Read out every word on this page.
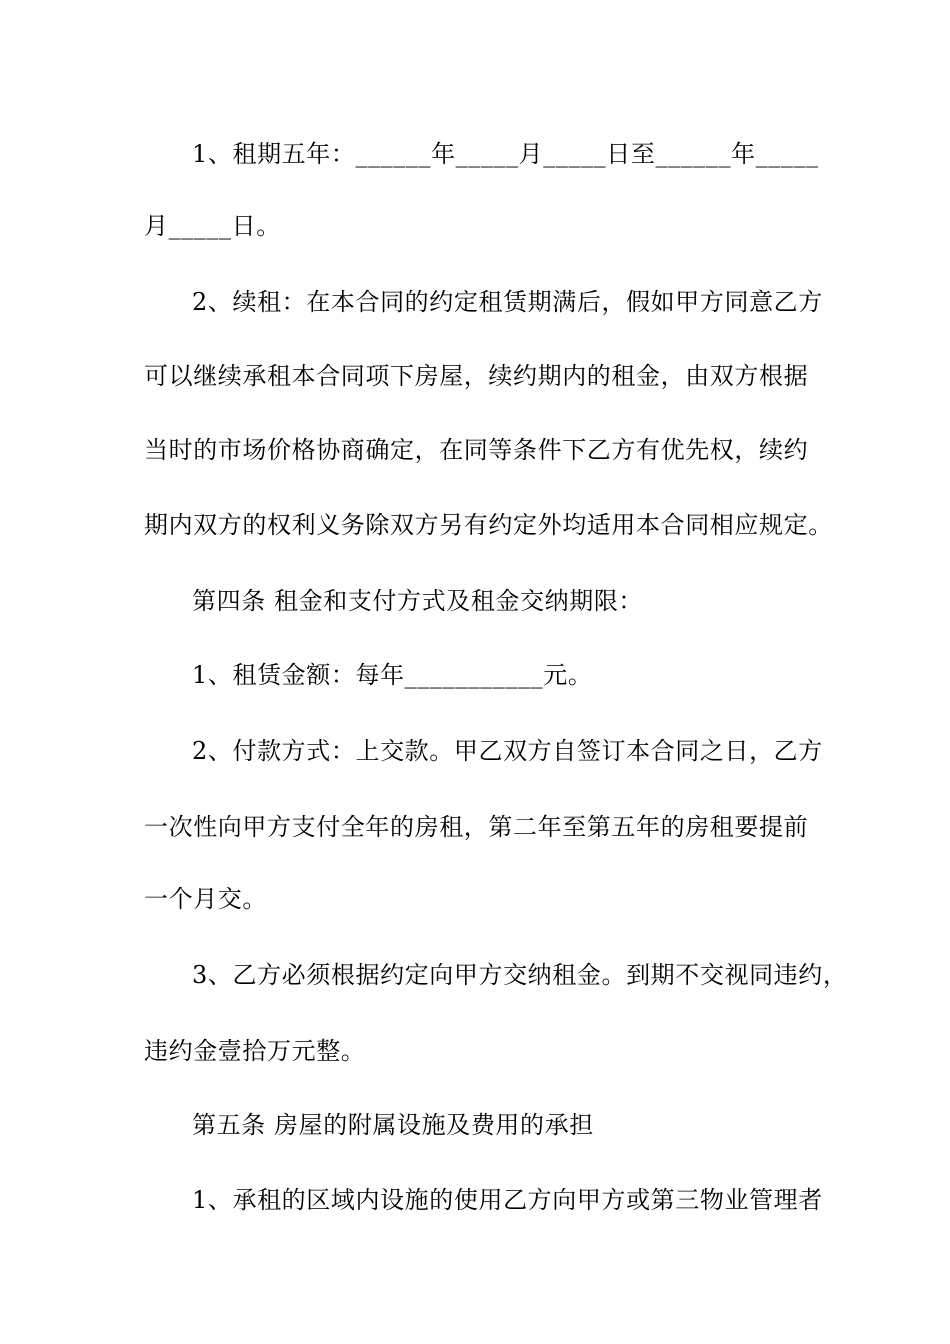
1、租期五年：______年_____月_____日至______年_____
月_____日。
2、续租：在本合同的约定租赁期满后，假如甲方同意乙方
可以继续承租本合同项下房屋，续约期内的租金，由双方根据
当时的市场价格协商确定，在同等条件下乙方有优先权，续约
期内双方的权利义务除双方另有约定外均适用本合同相应规定。
第四条 租金和支付方式及租金交纳期限：
1、租赁金额：每年___________元。
2、付款方式：上交款。甲乙双方自签订本合同之日，乙方
一次性向甲方支付全年的房租，第二年至第五年的房租要提前
一个月交。
3、乙方必须根据约定向甲方交纳租金。到期不交视同违约，
违约金壹拾万元整。
第五条 房屋的附属设施及费用的承担
1、承租的区域内设施的使用乙方向甲方或第三物业管理者
